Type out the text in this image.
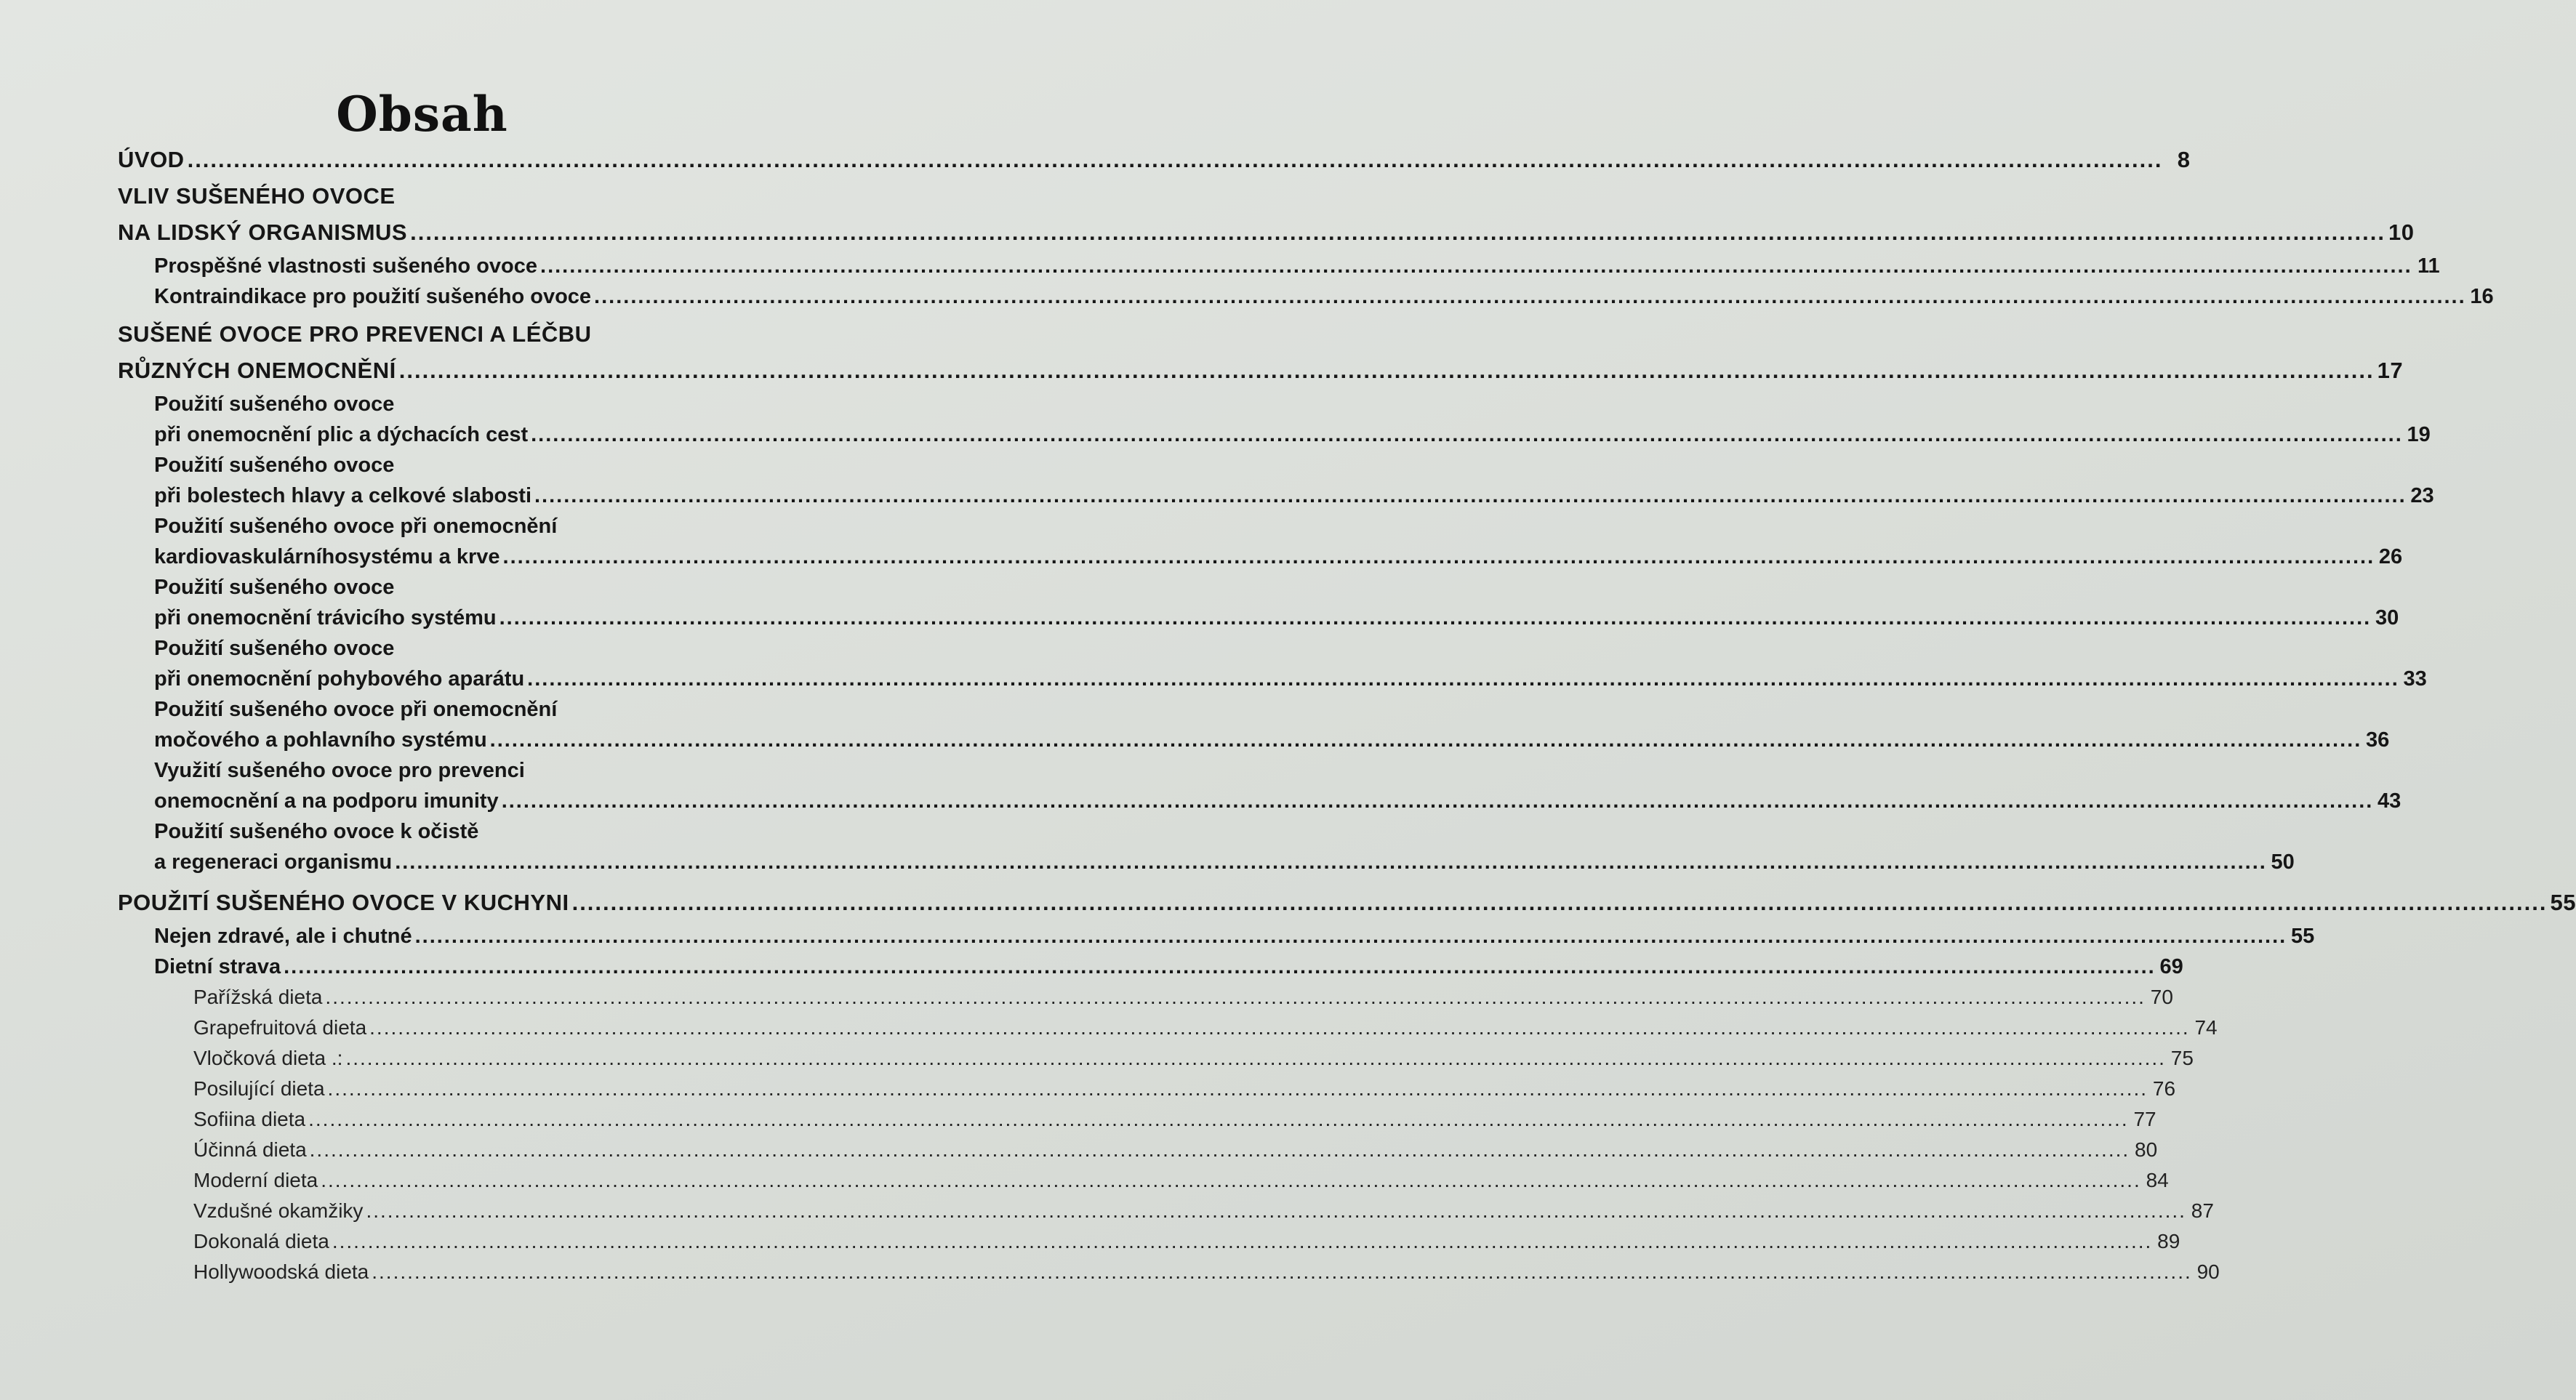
Obsah
ÚVOD ................................................................................................................................................................................................................................................................ 8
VLIV SUŠENÉHO OVOCE
NA LIDSKÝ ORGANISMUS ................................................................................................................................................................................................................................................................ 10
Prospěšné vlastnosti sušeného ovoce ................................................................................................................................................................................................................................................................ 11
Kontraindikace pro použití sušeného ovoce ................................................................................................................................................................................................................................................................ 16
SUŠENÉ OVOCE PRO PREVENCI A LÉČBU
RŮZNÝCH ONEMOCNĚNÍ ................................................................................................................................................................................................................................................................ 17
Použití sušeného ovoce
při onemocnění plic a dýchacích cest ................................................................................................................................................................................................................................................................ 19
Použití sušeného ovoce
při bolestech hlavy a celkové slabosti ................................................................................................................................................................................................................................................................ 23
Použití sušeného ovoce při onemocnění
kardiovaskulárníhosystému a krve ................................................................................................................................................................................................................................................................ 26
Použití sušeného ovoce
při onemocnění trávicího systému ................................................................................................................................................................................................................................................................ 30
Použití sušeného ovoce
při onemocnění pohybového aparátu ................................................................................................................................................................................................................................................................ 33
Použití sušeného ovoce při onemocnění
močového a pohlavního systému ................................................................................................................................................................................................................................................................ 36
Využití sušeného ovoce pro prevenci
onemocnění a na podporu imunity ................................................................................................................................................................................................................................................................ 43
Použití sušeného ovoce k očistě
a regeneraci organismu ................................................................................................................................................................................................................................................................ 50
POUŽITÍ SUŠENÉHO OVOCE V KUCHYNI ................................................................................................................................................................................................................................................................ 55
Nejen zdravé, ale i chutné ................................................................................................................................................................................................................................................................ 55
Dietní strava ................................................................................................................................................................................................................................................................ 69
Pařížská dieta ................................................................................................................................................................................................................................................................ 70
Grapefruitová dieta ................................................................................................................................................................................................................................................................ 74
Vločková dieta .: ................................................................................................................................................................................................................................................................ 75
Posilující dieta ................................................................................................................................................................................................................................................................ 76
Sofiina dieta ................................................................................................................................................................................................................................................................ 77
Účinná dieta ................................................................................................................................................................................................................................................................ 80
Moderní dieta ................................................................................................................................................................................................................................................................ 84
Vzdušné okamžiky ................................................................................................................................................................................................................................................................ 87
Dokonalá dieta ................................................................................................................................................................................................................................................................ 89
Hollywoodská dieta ................................................................................................................................................................................................................................................................ 90
